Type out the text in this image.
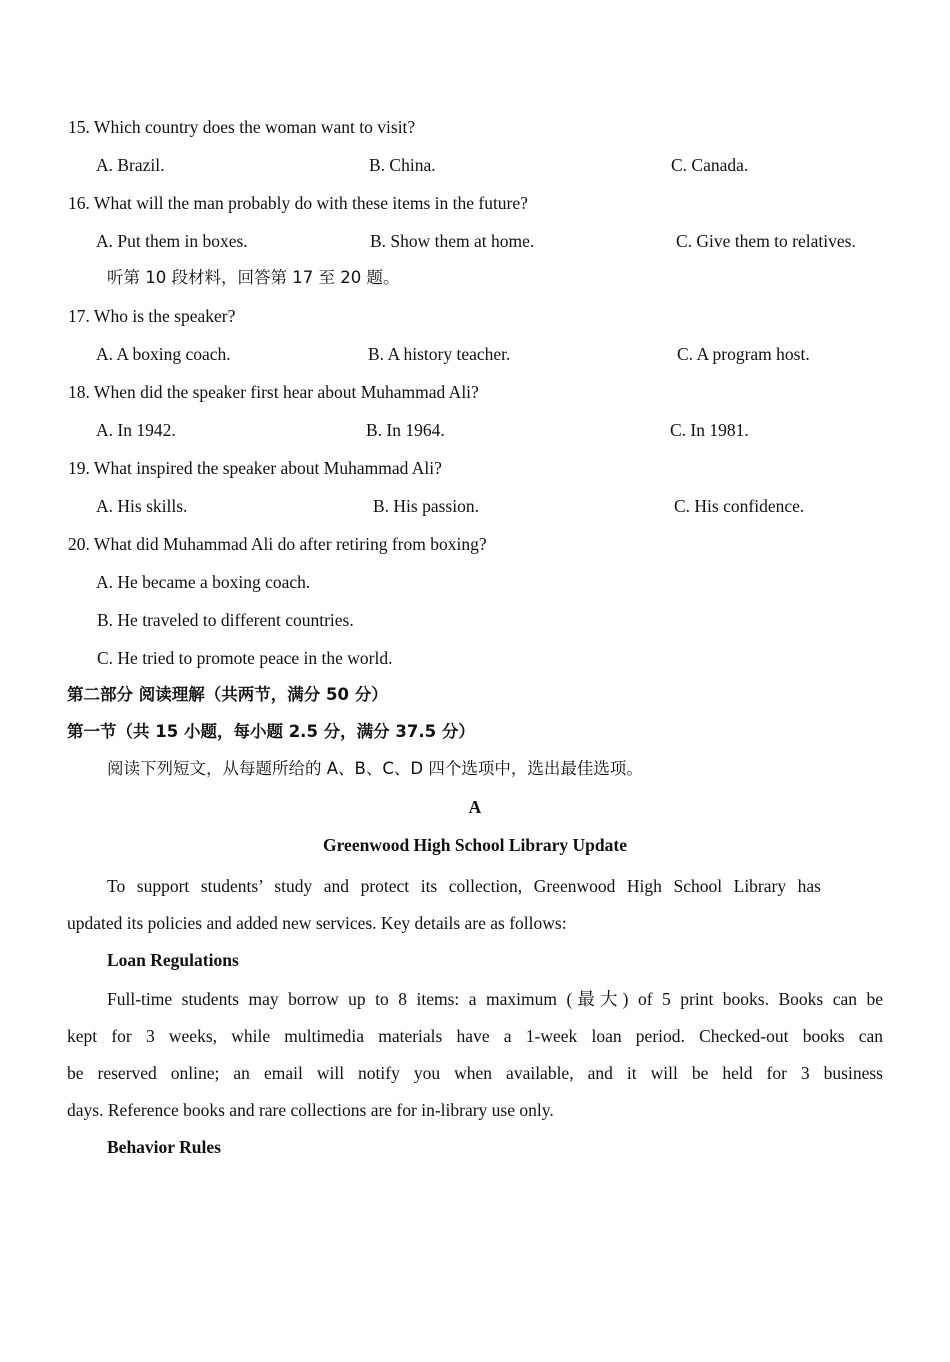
15. Which country does the woman want to visit?
A. Brazil.	B. China.	C. Canada.
16. What will the man probably do with these items in the future?
A. Put them in boxes.	B. Show them at home.	C. Give them to relatives.
听第 10 段材料，回答第 17 至 20 题。
17. Who is the speaker?
A. A boxing coach.	B. A history teacher.	C. A program host.
18. When did the speaker first hear about Muhammad Ali?
A. In 1942.	B. In 1964.	C. In 1981.
19. What inspired the speaker about Muhammad Ali?
A. His skills.	B. His passion.	C. His confidence.
20. What did Muhammad Ali do after retiring from boxing?
A. He became a boxing coach.
B. He traveled to different countries.
C. He tried to promote peace in the world.
第二部分 阅读理解（共两节，满分 50 分）
第一节（共 15 小题，每小题 2.5 分，满分 37.5 分）
阅读下列短文，从每题所给的 A、B、C、D 四个选项中，选出最佳选项。
A
Greenwood High School Library Update
To support students’ study and protect its collection, Greenwood High School Library has
updated its policies and added new services. Key details are as follows:
Loan Regulations
Full-time students may borrow up to 8 items: a maximum (最大) of 5 print books. Books can be
kept for 3 weeks, while multimedia materials have a 1-week loan period. Checked-out books can
be reserved online; an email will notify you when available, and it will be held for 3 business
days. Reference books and rare collections are for in-library use only.
Behavior Rules
